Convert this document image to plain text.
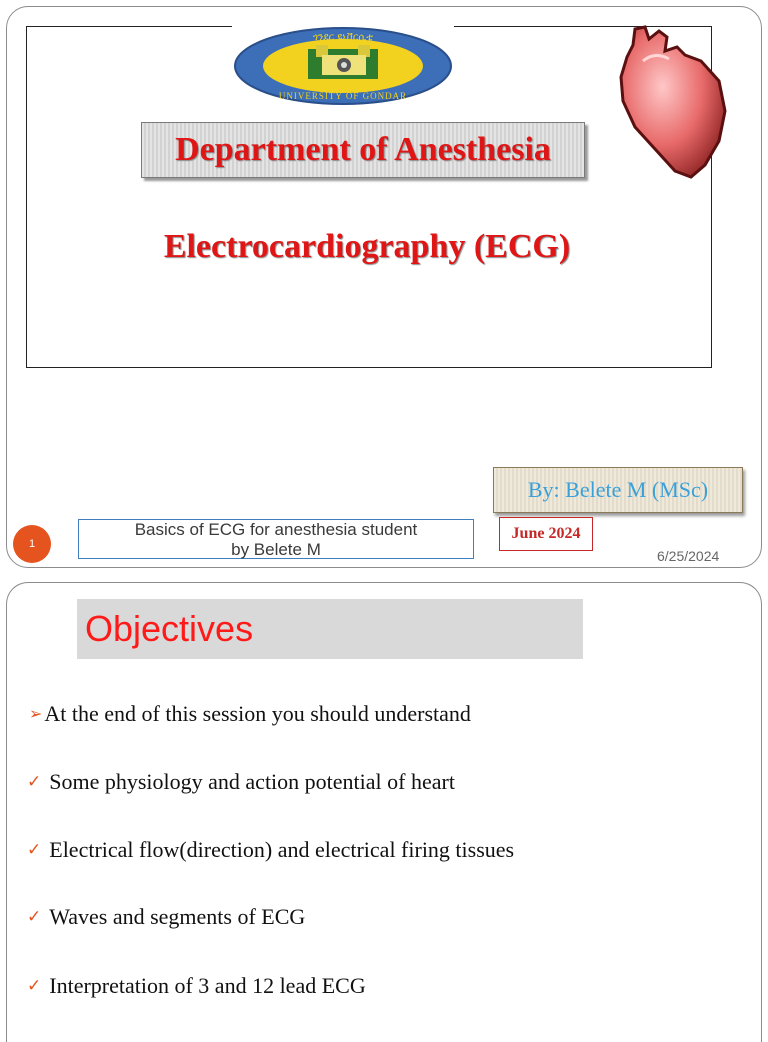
ጎንደር ዩኒቨርሲቲ
UNIVERSITY OF GONDAR
Department of Anesthesia
Electrocardiography (ECG)
By: Belete M (MSc)
June 2024
Basics of ECG for anesthesia student
by Belete M
1
6/25/2024
Objectives
➢ At the end of this session you should understand
✓ Some physiology and action potential of heart
✓ Electrical flow(direction) and electrical firing tissues
✓ Waves and segments of ECG
✓ Interpretation of 3 and 12 lead ECG
